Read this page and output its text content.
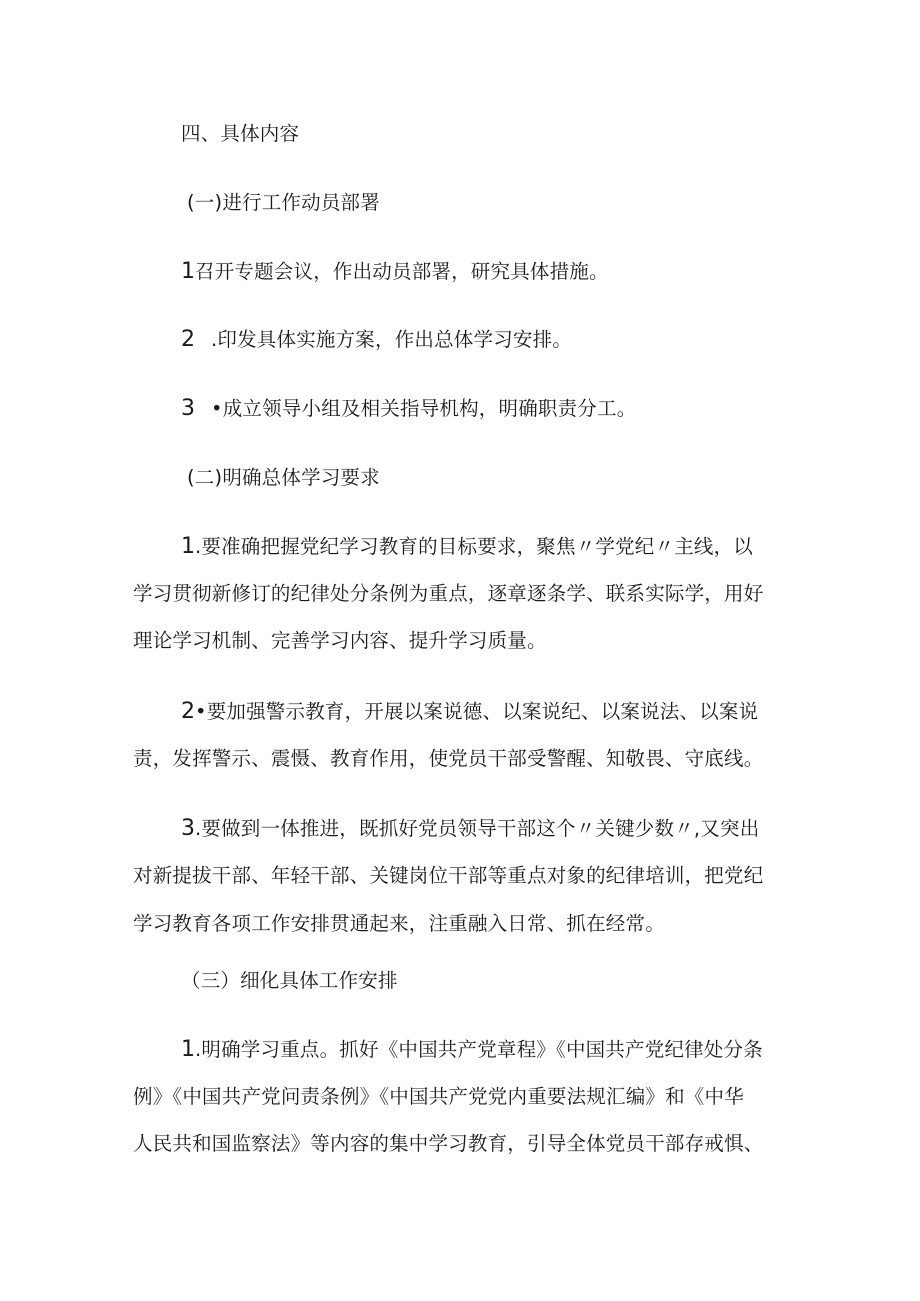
四、具体内容
(一)进行工作动员部署
1召开专题会议，作出动员部署，研究具体措施。
2 .印发具体实施方案，作出总体学习安排。
3 •成立领导小组及相关指导机构，明确职责分工。
(二)明确总体学习要求
1.要准确把握党纪学习教育的目标要求，聚焦〃学党纪〃主线，以
学习贯彻新修订的纪律处分条例为重点，逐章逐条学、联系实际学，用好
理论学习机制、完善学习内容、提升学习质量。
2•要加强警示教育，开展以案说德、以案说纪、以案说法、以案说
责，发挥警示、震慑、教育作用，使党员干部受警醒、知敬畏、守底线。
3.要做到一体推进，既抓好党员领导干部这个〃关键少数〃,又突出
对新提拔干部、年轻干部、关键岗位干部等重点对象的纪律培训，把党纪
学习教育各项工作安排贯通起来，注重融入日常、抓在经常。
（三）细化具体工作安排
1.明确学习重点。抓好《中国共产党章程》《中国共产党纪律处分条
例》《中国共产党问责条例》《中国共产党党内重要法规汇编》和《中华
人民共和国监察法》等内容的集中学习教育，引导全体党员干部存戒惧、
